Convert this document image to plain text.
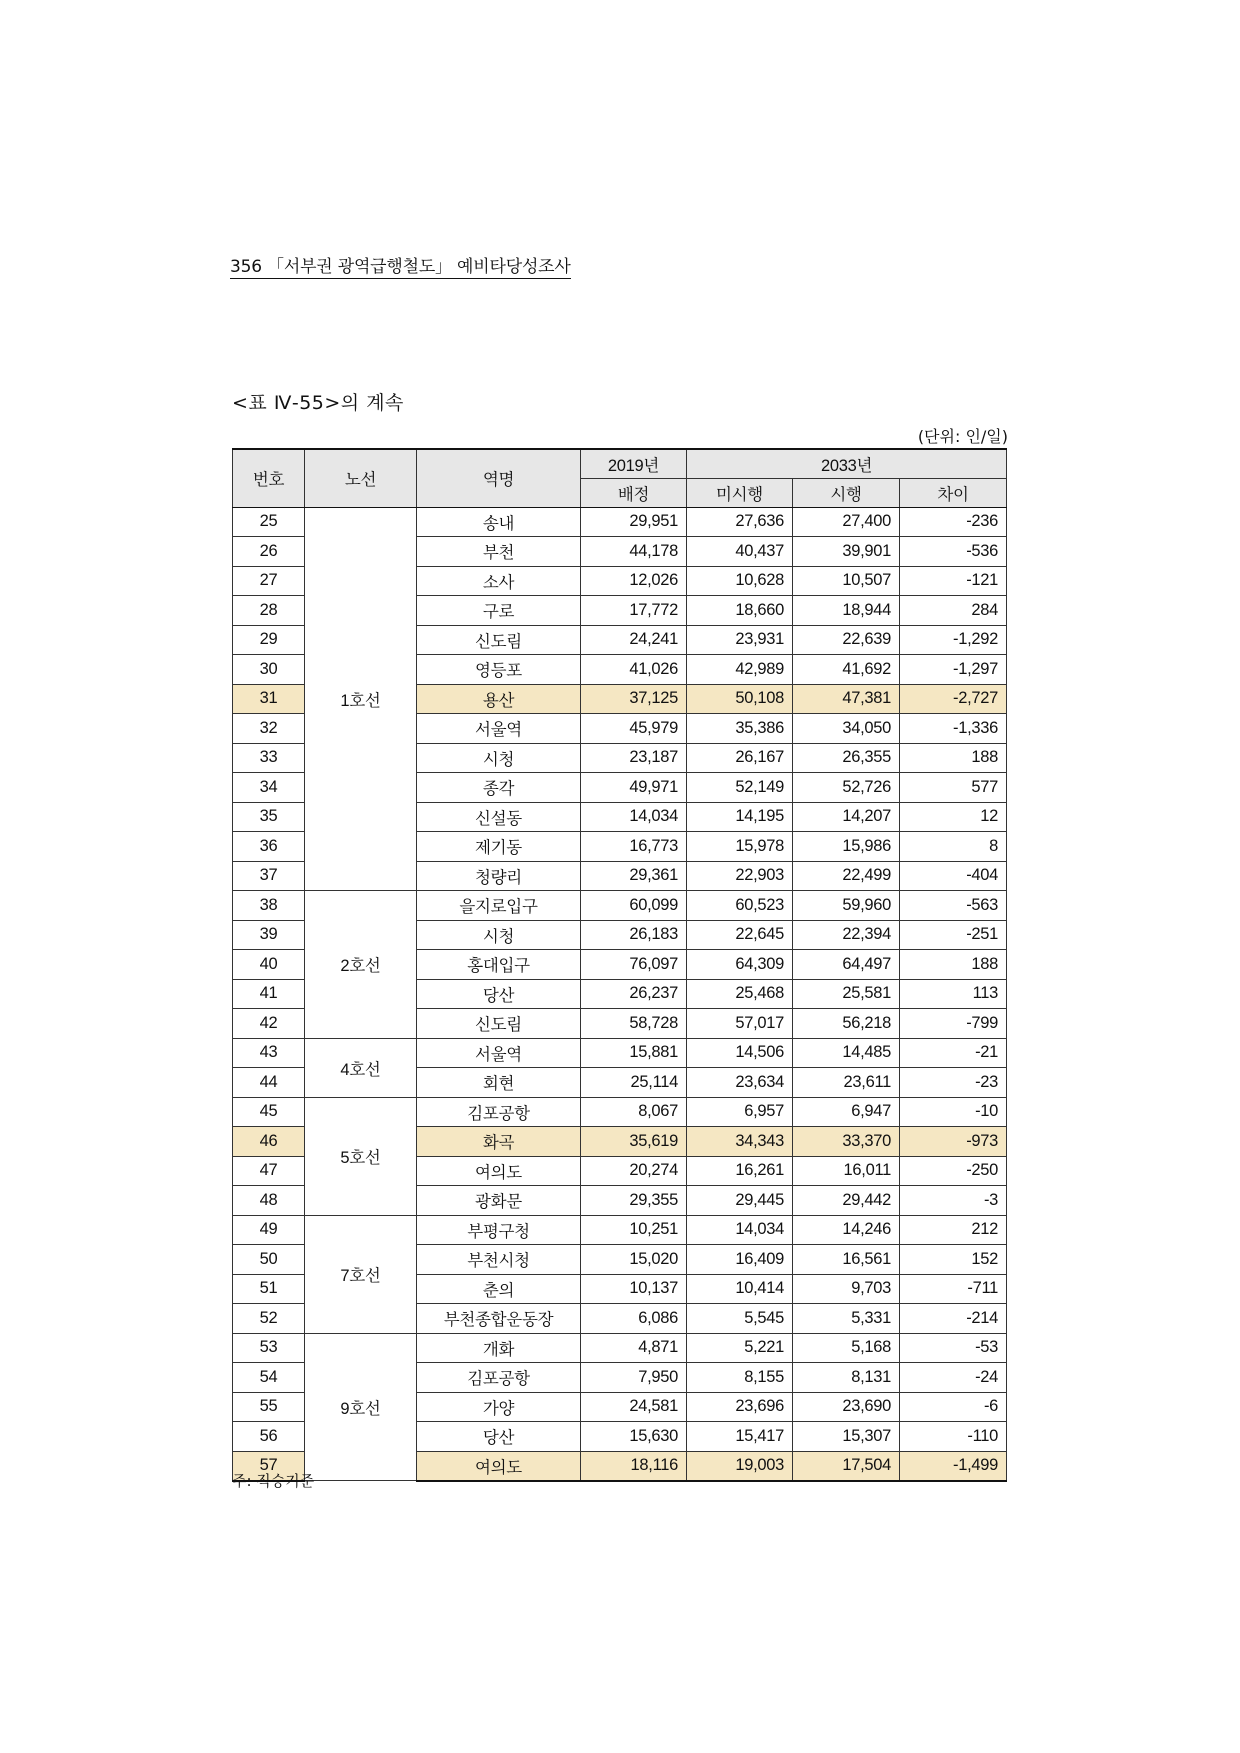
356 「서부권 광역급행철도」 예비타당성조사
<표 Ⅳ-55>의 계속
(단위: 인/일)
번호	노선	역명	2019년	2033년		
			배정	미시행	시행	차이
25	1호선	송내	29,951	27,636	27,400	-236
26		부천	44,178	40,437	39,901	-536
27		소사	12,026	10,628	10,507	-121
28		구로	17,772	18,660	18,944	284
29		신도림	24,241	23,931	22,639	-1,292
30		영등포	41,026	42,989	41,692	-1,297
31		용산	37,125	50,108	47,381	-2,727
32		서울역	45,979	35,386	34,050	-1,336
33		시청	23,187	26,167	26,355	188
34		종각	49,971	52,149	52,726	577
35		신설동	14,034	14,195	14,207	12
36		제기동	16,773	15,978	15,986	8
37		청량리	29,361	22,903	22,499	-404
38	2호선	을지로입구	60,099	60,523	59,960	-563
39		시청	26,183	22,645	22,394	-251
40		홍대입구	76,097	64,309	64,497	188
41		당산	26,237	25,468	25,581	113
42		신도림	58,728	57,017	56,218	-799
43	4호선	서울역	15,881	14,506	14,485	-21
44		회현	25,114	23,634	23,611	-23
45	5호선	김포공항	8,067	6,957	6,947	-10
46		화곡	35,619	34,343	33,370	-973
47		여의도	20,274	16,261	16,011	-250
48		광화문	29,355	29,445	29,442	-3
49	7호선	부평구청	10,251	14,034	14,246	212
50		부천시청	15,020	16,409	16,561	152
51		춘의	10,137	10,414	9,703	-711
52		부천종합운동장	6,086	5,545	5,331	-214
53	9호선	개화	4,871	5,221	5,168	-53
54		김포공항	7,950	8,155	8,131	-24
55		가양	24,581	23,696	23,690	-6
56		당산	15,630	15,417	15,307	-110
57		여의도	18,116	19,003	17,504	-1,499
주: 직승기준
